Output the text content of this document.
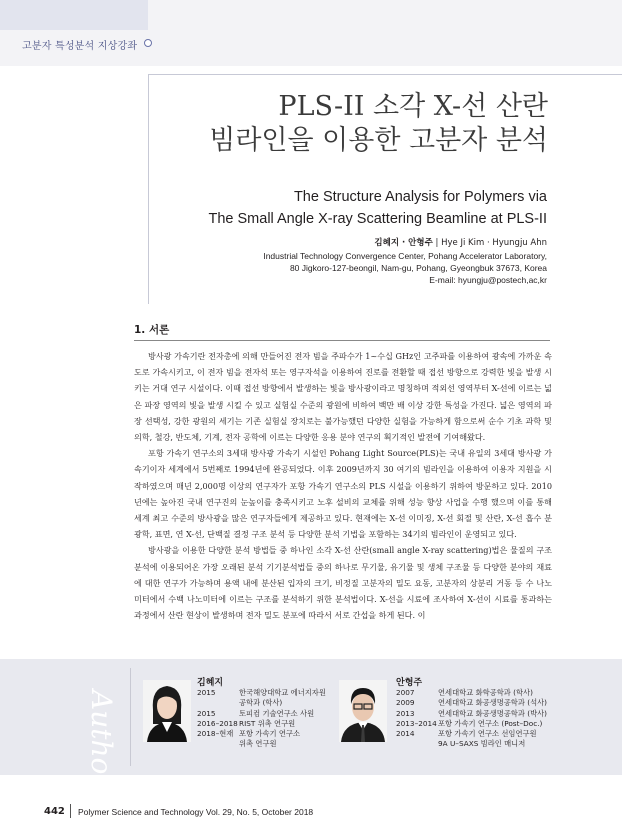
고분자 특성분석 지상강좌
PLS-II 소각 X-선 산란
빔라인을 이용한 고분자 분석
The Structure Analysis for Polymers via
The Small Angle X-ray Scattering Beamline at PLS-II
김혜지 · 안형주 | Hye Ji Kim · Hyungju Ahn
Industrial Technology Convergence Center, Pohang Accelerator Laboratory,
80 Jigkoro-127-beongil, Nam-gu, Pohang, Gyeongbuk 37673, Korea
E-mail: hyungju@postech,ac,kr
1. 서론

방사광 가속기란 전자총에 의해 만들어진 전자 빔을 주파수가 1~수십 GHz인 고주파를 이용하여 광속에 가까운 속도로 가속시키고, 이 전자 빔을 전자석 또는 영구자석을 이용하여 진로를 전환할 때 접선 방향으로 강력한 빛을 발생 시키는 거대 연구 시설이다. 이때 접선 방향에서 발생하는 빛을 방사광이라고 명칭하며 적외선 영역부터 X-선에 이르는 넓은 파장 영역의 빛을 발생 시킬 수 있고 실험실 수준의 광원에 비하여 백만 배 이상 강한 특성을 가진다. 넓은 영역의 파장 선택성, 강한 광원의 세기는 기존 실험실 장치로는 불가능했던 다양한 실험을 가능하게 함으로써 순수 기초 과학 및 의학, 철강, 반도체, 기계, 전자 공학에 이르는 다양한 응용 분야 연구의 획기적인 발전에 기여해왔다.

포항 가속기 연구소의 3세대 방사광 가속기 시설인 Pohang Light Source(PLS)는 국내 유일의 3세대 방사광 가속기이자 세계에서 5번째로 1994년에 완공되었다. 이후 2009년까지 30 여기의 빔라인을 이용하여 이용자 지원을 시작하였으며 매년 2,000명 이상의 연구자가 포항 가속기 연구소의 PLS 시설을 이용하기 위하여 방문하고 있다. 2010년에는 높아진 국내 연구진의 눈높이를 충족시키고 노후 설비의 교체를 위해 성능 향상 사업을 수행 했으며 이를 통해 세계 최고 수준의 방사광을 많은 연구자들에게 제공하고 있다. 현재에는 X-선 이미징, X-선 회절 및 산란, X-선 흡수 분광학, 표면, 연 X-선, 단백질 결정 구조 분석 등 다양한 분석 기법을 포함하는 34기의 빔라인이 운영되고 있다.

방사광을 이용한 다양한 분석 방법들 중 하나인 소각 X-선 산란(small angle X-ray scattering)법은 물질의 구조 분석에 이용되어온 가장 오래된 분석 기기분석법들 중의 하나로 무기물, 유기물 및 생체 구조물 등 다양한 분야의 재료에 대한 연구가 가능하며 용액 내에 분산된 입자의 크기, 비정질 고분자의 밀도 요동, 고분자의 상분리 거동 등 수 나노미터에서 수백 나노미터에 이르는 구조를 분석하기 위한 분석법이다. X-선을 시료에 조사하여 X-선이 시료를 통과하는 과정에서 산란 현상이 발생하며 전자 밀도 분포에 따라서 서로 간섭을 하게 된다. 이

Author
김혜지
2015	한국해양대학교 에너지자원
공학과 (학사)
2015	토피컴 기술연구소 사원
2016–2018 RIST 위촉 연구원
2018–현재 포항 가속기 연구소
위촉 연구원
안형주
2007	연세대학교 화학공학과 (학사)
2009	연세대학교 화공생명공학과 (석사)
2013	연세대학교 화공생명공학과 (박사)
2013–2014 포항 가속기 연구소 (Post–Doc.)
2014	포항 가속기 연구소 선임연구원
9A U–SAXS 빔라인 매니저
442 Polymer Science and Technology Vol. 29, No. 5, October 2018
